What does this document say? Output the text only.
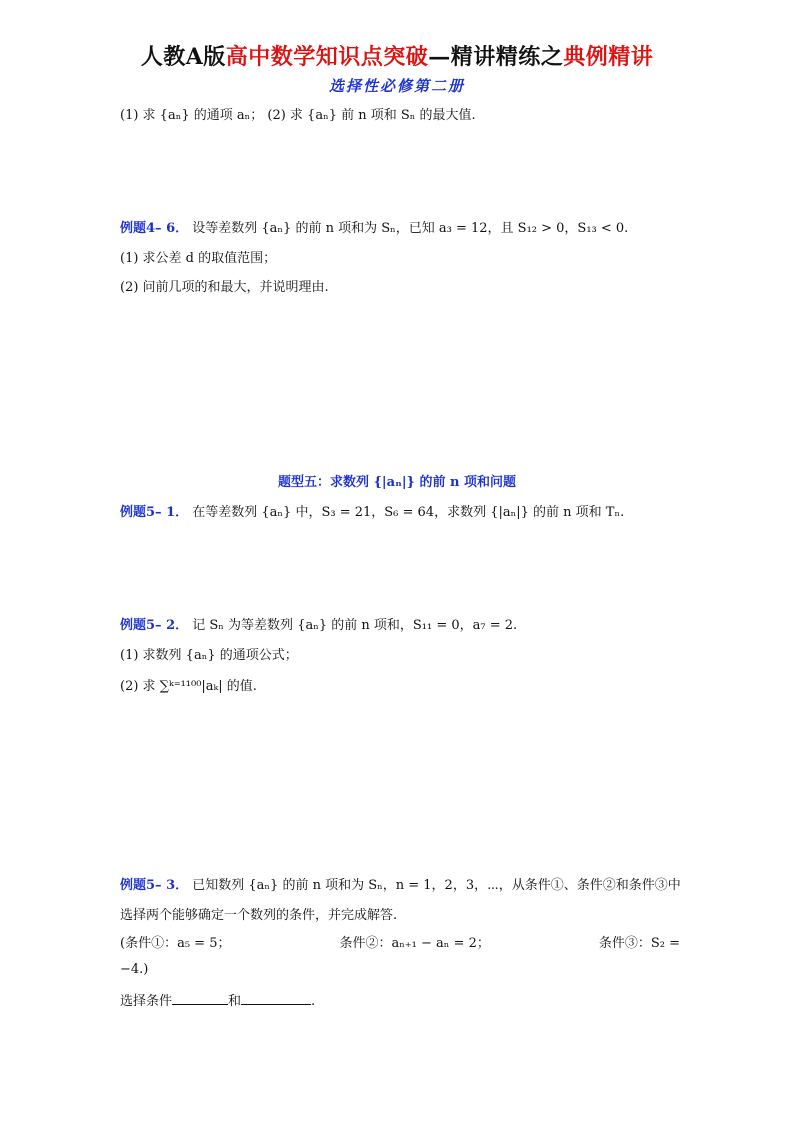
人教A版高中数学知识点突破—精讲精练之典例精讲
选择性必修第二册
(1) 求 {aₙ} 的通项 aₙ； (2) 求 {aₙ} 前 n 项和 Sₙ 的最大值.
例题4– 6． 设等差数列 {aₙ} 的前 n 项和为 Sₙ，已知 a₃ = 12，且 S₁₂ > 0，S₁₃ < 0.
(1) 求公差 d 的取值范围；
(2) 问前几项的和最大，并说明理由.
题型五：求数列 {|aₙ|} 的前 n 项和问题
例题5– 1． 在等差数列 {aₙ} 中，S₃ = 21，S₆ = 64，求数列 {|aₙ|} 的前 n 项和 Tₙ.
例题5– 2． 记 Sₙ 为等差数列 {aₙ} 的前 n 项和，S₁₁ = 0，a₇ = 2.
(1) 求数列 {aₙ} 的通项公式；
(2) 求 ∑ᵏ⁼¹¹⁰⁰|aₖ| 的值.
例题5– 3． 已知数列 {aₙ} 的前 n 项和为 Sₙ，n = 1，2，3，⋯，从条件①、条件②和条件③中
选择两个能够确定一个数列的条件，并完成解答.
(条件①：a₅ = 5；	条件②：aₙ₊₁ − aₙ = 2；	条件③：S₂ =
−4.)
选择条件	和	.
